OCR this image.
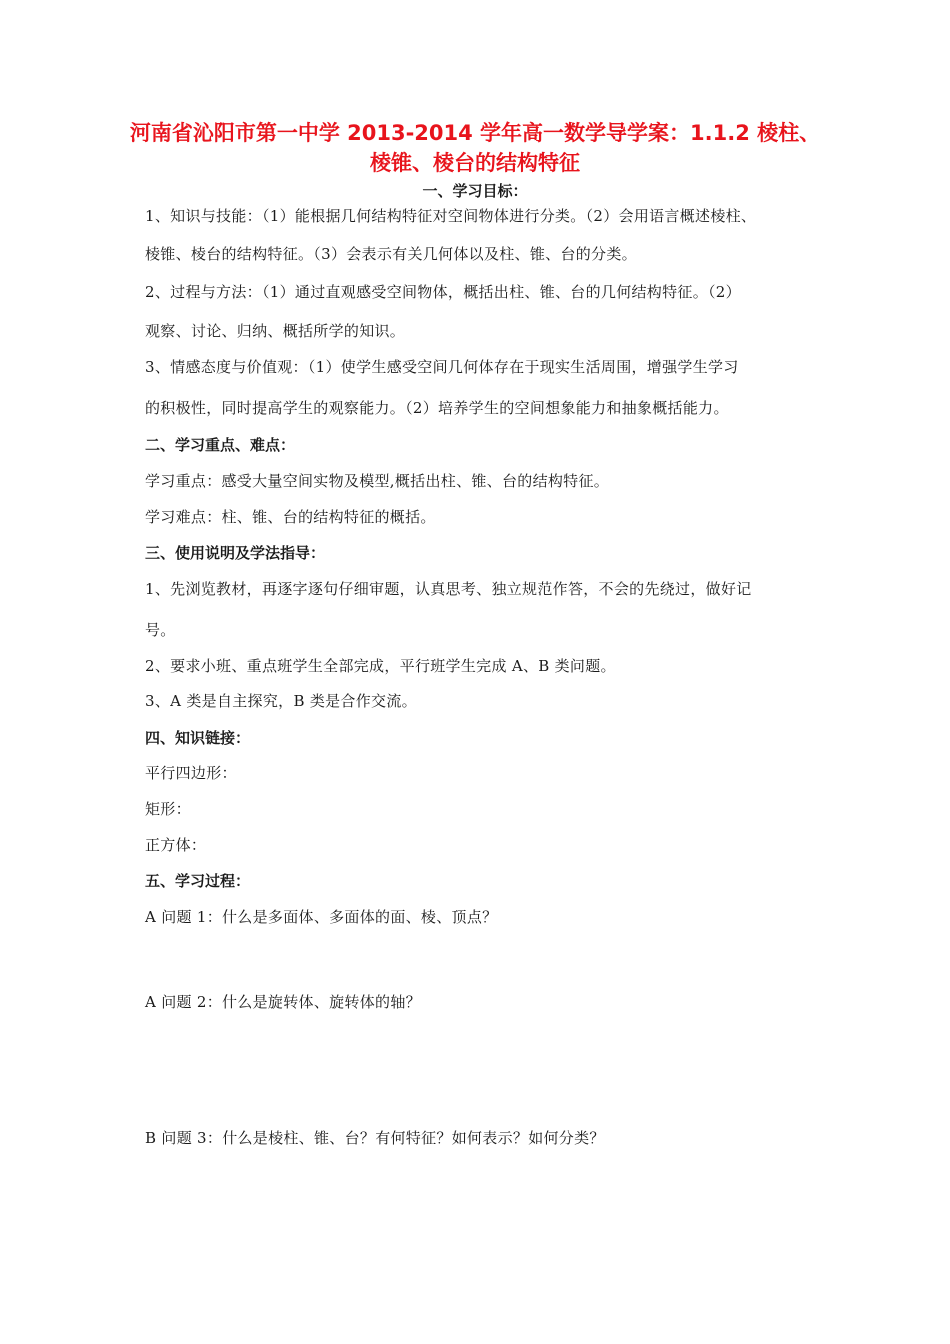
河南省沁阳市第一中学 2013-2014 学年高一数学导学案：1.1.2 棱柱、
棱锥、棱台的结构特征
一、学习目标：
1、知识与技能：（1）能根据几何结构特征对空间物体进行分类。（2）会用语言概述棱柱、
棱锥、棱台的结构特征。（3）会表示有关几何体以及柱、锥、台的分类。
2、过程与方法：（1）通过直观感受空间物体，概括出柱、锥、台的几何结构特征。（2）
观察、讨论、归纳、概括所学的知识。
3、情感态度与价值观：（1）使学生感受空间几何体存在于现实生活周围，增强学生学习
的积极性，同时提高学生的观察能力。（2）培养学生的空间想象能力和抽象概括能力。
二、学习重点、难点：
学习重点：感受大量空间实物及模型,概括出柱、锥、台的结构特征。
学习难点：柱、锥、台的结构特征的概括。
三、使用说明及学法指导：
1、先浏览教材，再逐字逐句仔细审题，认真思考、独立规范作答，不会的先绕过，做好记
号。
2、要求小班、重点班学生全部完成，平行班学生完成 A、B 类问题。
3、A 类是自主探究，B 类是合作交流。
四、知识链接：
平行四边形：
矩形：
正方体：
五、学习过程：
A 问题 1：什么是多面体、多面体的面、棱、顶点？
A 问题 2：什么是旋转体、旋转体的轴？
B 问题 3：什么是棱柱、锥、台？有何特征？如何表示？如何分类？
